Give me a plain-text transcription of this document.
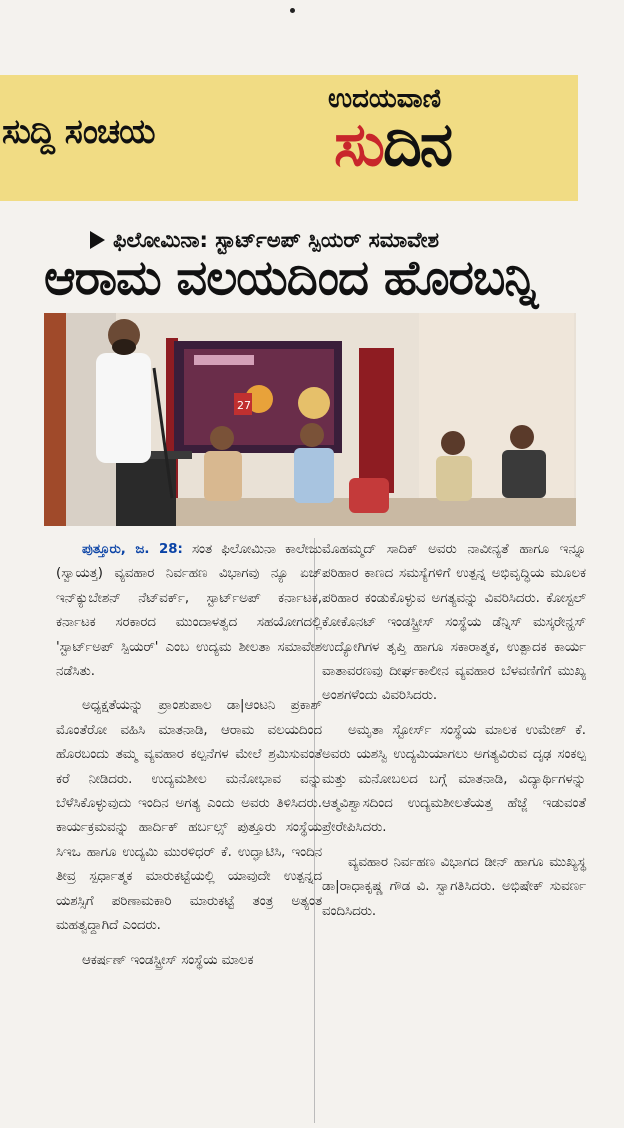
ಸುದ್ದಿ ಸಂಚಯ
ಉದಯವಾಣಿ
ಸುದಿನ
ಫಿಲೋಮಿನಾ: ಸ್ಟಾರ್ಟ್‌ಅಪ್ ಸ್ಪಿಯರ್ ಸಮಾವೇಶ
ಆರಾಮ ವಲಯದಿಂದ ಹೊರಬನ್ನಿ
27

ಪುತ್ತೂರು, ಜ. 28: ಸಂತ ಫಿಲೋಮಿನಾ ಕಾಲೇಜು (ಸ್ವಾಯತ್ತ) ವ್ಯವಹಾರ ನಿರ್ವಹಣ ವಿಭಾಗವು ನ್ಯೂ ಏಜ್ ಇನ್‌ಕ್ಯುಬೇಶನ್ ನೆಟ್‌ವರ್ಕ್, ಸ್ಟಾರ್ಟ್‌ಅಪ್ ಕರ್ನಾಟಕ, ಕರ್ನಾಟಕ ಸರಕಾರದ ಮುಂದಾಳತ್ವದ ಸಹಯೋಗದಲ್ಲಿ 'ಸ್ಟಾರ್ಟ್‌ಅಪ್ ಸ್ಪಿಯರ್' ಎಂಬ ಉದ್ಯಮ ಶೀಲತಾ ಸಮಾವೇಶ ನಡೆಸಿತು.

ಅಧ್ಯಕ್ಷತೆಯನ್ನು ಪ್ರಾಂಶುಪಾಲ ಡಾ|ಆಂಟನಿ ಪ್ರಕಾಶ್ ಮೊಂತೆರೋ ವಹಿಸಿ ಮಾತನಾಡಿ, ಆರಾಮ ವಲಯದಿಂದ ಹೊರಬಂದು ತಮ್ಮ ವ್ಯವಹಾರ ಕಲ್ಪನೆಗಳ ಮೇಲೆ ಶ್ರಮಿಸುವಂತೆ ಕರೆ ನೀಡಿದರು. ಉದ್ಯಮಶೀಲ ಮನೋಭಾವ ವನ್ನು ಬೆಳೆಸಿಕೊಳ್ಳುವುದು ಇಂದಿನ ಅಗತ್ಯ ಎಂದು ಅವರು ತಿಳಿಸಿದರು. ಕಾರ್ಯಕ್ರಮವನ್ನು ಹಾರ್ದಿಕ್ ಹರ್ಬಲ್ಸ್ ಪುತ್ತೂರು ಸಂಸ್ಥೆಯ ಸಿಇಒ ಹಾಗೂ ಉದ್ಯಮಿ ಮುರಳಿಧರ್ ಕೆ. ಉದ್ಘಾಟಿಸಿ, ಇಂದಿನ ತೀವ್ರ ಸ್ಪರ್ಧಾತ್ಮಕ ಮಾರುಕಟ್ಟೆಯಲ್ಲಿ ಯಾವುದೇ ಉತ್ಪನ್ನದ ಯಶಸ್ಸಿಗೆ ಪರಿಣಾಮಕಾರಿ ಮಾರುಕಟ್ಟೆ ತಂತ್ರ ಅತ್ಯಂತ ಮಹತ್ವದ್ದಾಗಿದೆ ಎಂದರು.

ಆಕರ್ಷಣ್ ಇಂಡಸ್ಟ್ರೀಸ್ ಸಂಸ್ಥೆಯ ಮಾಲಕ

ಮೊಹಮ್ಮದ್ ಸಾದಿಕ್ ಅವರು ನಾವೀನ್ಯತೆ ಹಾಗೂ ಇನ್ನೂ ಪರಿಹಾರ ಕಾಣದ ಸಮಸ್ಯೆಗಳಿಗೆ ಉತ್ಪನ್ನ ಅಭಿವೃದ್ಧಿಯ ಮೂಲಕ ಪರಿಹಾರ ಕಂಡುಕೊಳ್ಳುವ ಅಗತ್ಯವನ್ನು ವಿವರಿಸಿದರು. ಕೋಸ್ಟಲ್ ಕೋಕೊನಟ್ ಇಂಡಸ್ಟ್ರೀಸ್ ಸಂಸ್ಥೆಯ ಡೆನ್ನಿಸ್ ಮಸ್ಕರೇನ್ಹಸ್ ಉದ್ಯೋಗಿಗಳ ತೃಪ್ತಿ ಹಾಗೂ ಸಕಾರಾತ್ಮಕ, ಉತ್ಪಾದಕ ಕಾರ್ಯ ವಾತಾವರಣವು ದೀರ್ಘಕಾಲೀನ ವ್ಯವಹಾರ ಬೆಳವಣಿಗೆಗೆ ಮುಖ್ಯ ಅಂಶಗಳೆಂದು ವಿವರಿಸಿದರು.

ಅಮೃತಾ ಸ್ಟೋರ್ಸ್ ಸಂಸ್ಥೆಯ ಮಾಲಕ ಉಮೇಶ್ ಕೆ. ಅವರು ಯಶಸ್ವಿ ಉದ್ಯಮಿಯಾಗಲು ಅಗತ್ಯವಿರುವ ದೃಢ ಸಂಕಲ್ಪ ಮತ್ತು ಮನೋಬಲದ ಬಗ್ಗೆ ಮಾತನಾಡಿ, ವಿದ್ಯಾರ್ಥಿಗಳನ್ನು ಆತ್ಮವಿಶ್ವಾಸದಿಂದ ಉದ್ಯಮಶೀಲತೆಯತ್ತ ಹೆಜ್ಜೆ ಇಡುವಂತೆ ಪ್ರೇರೇಪಿಸಿದರು.

ವ್ಯವಹಾರ ನಿರ್ವಹಣ ವಿಭಾಗದ ಡೀನ್ ಹಾಗೂ ಮುಖ್ಯಸ್ಥ ಡಾ|ರಾಧಾಕೃಷ್ಣ ಗೌಡ ವಿ. ಸ್ವಾಗತಿಸಿದರು. ಅಭಿಷೇಕ್ ಸುವರ್ಣ ವಂದಿಸಿದರು.
